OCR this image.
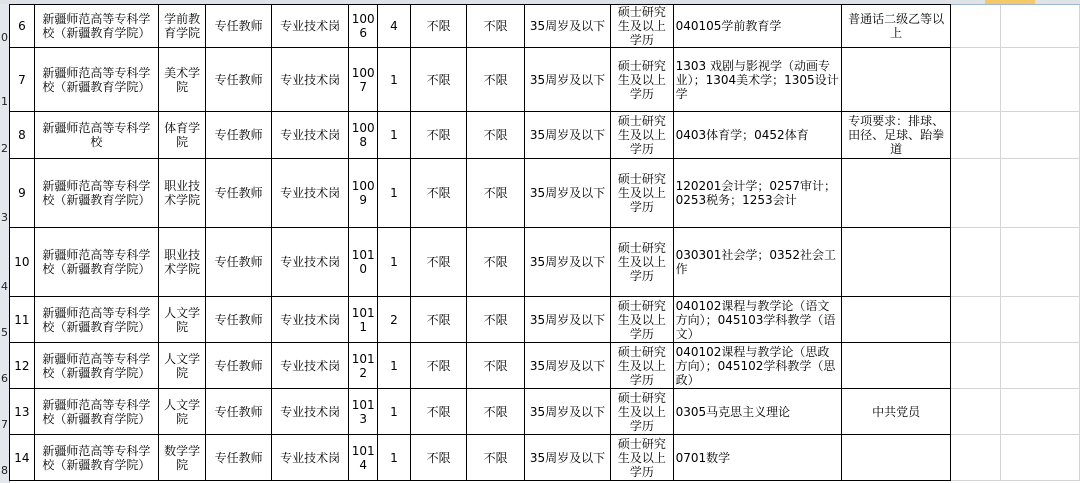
0
1
2
3
4
5
6
7
8
6	新疆师范高等专科学校（新疆教育学院）	学前教育学院	专任教师	专业技术岗	1006	4	不限	不限	35周岁及以下	硕士研究生及以上学历	040105学前教育学	普通话二级乙等以上		
7	新疆师范高等专科学校（新疆教育学院）	美术学院	专任教师	专业技术岗	1007	1	不限	不限	35周岁及以下	硕士研究生及以上学历	1303 戏剧与影视学（动画专业）；1304美术学；1305设计学			
8	新疆师范高等专科学校	体育学院	专任教师	专业技术岗	1008	1	不限	不限	35周岁及以下	硕士研究生及以上学历	0403体育学；0452体育	专项要求：排球、田径、足球、跆拳道		
9	新疆师范高等专科学校（新疆教育学院）	职业技术学院	专任教师	专业技术岗	1009	1	不限	不限	35周岁及以下	硕士研究生及以上学历	120201会计学；0257审计；0253税务；1253会计			
10	新疆师范高等专科学校（新疆教育学院）	职业技术学院	专任教师	专业技术岗	1010	1	不限	不限	35周岁及以下	硕士研究生及以上学历	030301社会学；0352社会工作			
11	新疆师范高等专科学校（新疆教育学院）	人文学院	专任教师	专业技术岗	1011	2	不限	不限	35周岁及以下	硕士研究生及以上学历	040102课程与教学论（语文方向）；045103学科教学（语文）			
12	新疆师范高等专科学校（新疆教育学院）	人文学院	专任教师	专业技术岗	1012	1	不限	不限	35周岁及以下	硕士研究生及以上学历	040102课程与教学论（思政方向）；045102学科教学（思政）			
13	新疆师范高等专科学校（新疆教育学院）	人文学院	专任教师	专业技术岗	1013	1	不限	不限	35周岁及以下	硕士研究生及以上学历	0305马克思主义理论	中共党员		
14	新疆师范高等专科学校（新疆教育学院）	数学学院	专任教师	专业技术岗	1014	1	不限	不限	35周岁及以下	硕士研究生及以上学历	0701数学			
